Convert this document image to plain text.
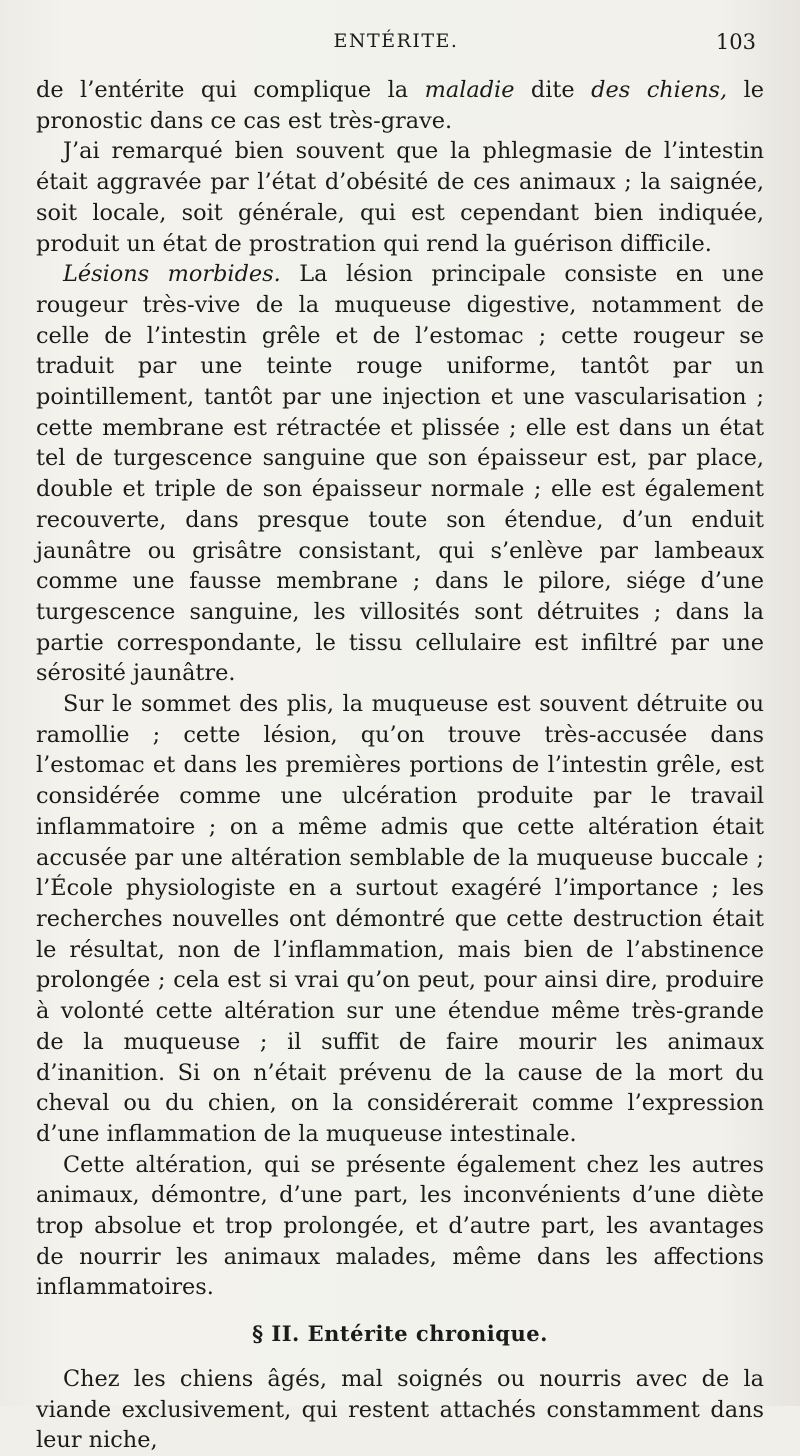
ENTÉRITE.	103

de l’entérite qui complique la maladie dite des chiens, le pronostic dans ce cas est très-grave.

J’ai remarqué bien souvent que la phlegmasie de l’intestin était aggravée par l’état d’obésité de ces animaux ; la saignée, soit locale, soit générale, qui est cependant bien indiquée, produit un état de prostration qui rend la guérison difficile.

Lésions morbides. La lésion principale consiste en une rougeur très-vive de la muqueuse digestive, notamment de celle de l’intestin grêle et de l’estomac ; cette rougeur se traduit par une teinte rouge uniforme, tantôt par un pointillement, tantôt par une injection et une vascularisation ; cette membrane est rétractée et plissée ; elle est dans un état tel de turgescence sanguine que son épaisseur est, par place, double et triple de son épaisseur normale ; elle est également recouverte, dans presque toute son étendue, d’un enduit jaunâtre ou grisâtre consistant, qui s’enlève par lambeaux comme une fausse membrane ; dans le pilore, siége d’une turgescence sanguine, les villosités sont détruites ; dans la partie correspondante, le tissu cellulaire est infiltré par une sérosité jaunâtre.

Sur le sommet des plis, la muqueuse est souvent détruite ou ramollie ; cette lésion, qu’on trouve très-accusée dans l’estomac et dans les premières portions de l’intestin grêle, est considérée comme une ulcération produite par le travail inflammatoire ; on a même admis que cette altération était accusée par une altération semblable de la muqueuse buccale ; l’École physiologiste en a surtout exagéré l’importance ; les recherches nouvelles ont démontré que cette destruction était le résultat, non de l’inflammation, mais bien de l’abstinence prolongée ; cela est si vrai qu’on peut, pour ainsi dire, produire à volonté cette altération sur une étendue même très-grande de la muqueuse ; il suffit de faire mourir les animaux d’inanition. Si on n’était prévenu de la cause de la mort du cheval ou du chien, on la considérerait comme l’expression d’une inflammation de la muqueuse intestinale.

Cette altération, qui se présente également chez les autres animaux, démontre, d’une part, les inconvénients d’une diète trop absolue et trop prolongée, et d’autre part, les avantages de nourrir les animaux malades, même dans les affections inflammatoires.

§ II. Entérite chronique.

Chez les chiens âgés, mal soignés ou nourris avec de la viande exclusivement, qui restent attachés constamment dans leur niche,
